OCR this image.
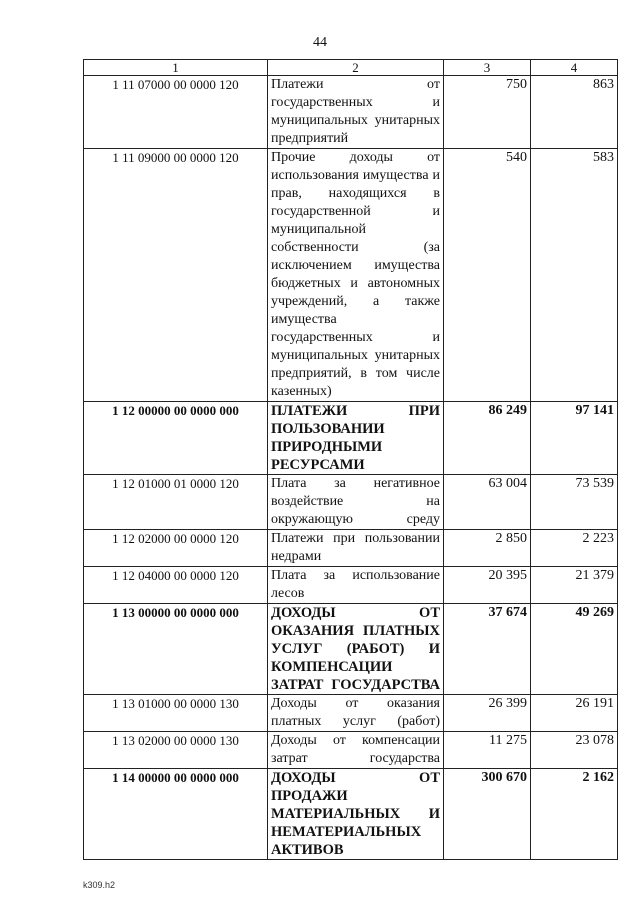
44
1	2	3	4
1 11 07000 00 0000 120	Платежи от государственных и муниципальных унитарных предприятий	750	863
1 11 09000 00 0000 120	Прочие доходы от использования имущества и прав, находящихся в государственной и муниципальной собственности (за исключением имущества бюджетных и автономных учреждений, а также имущества государственных и муниципальных унитарных предприятий, в том числе казенных)	540	583
1 12 00000 00 0000 000	ПЛАТЕЖИ ПРИ ПОЛЬЗОВАНИИ ПРИРОДНЫМИ РЕСУРСАМИ	86 249	97 141
1 12 01000 01 0000 120	Плата за негативное воздействие на окружающую среду	63 004	73 539
1 12 02000 00 0000 120	Платежи при пользовании недрами	2 850	2 223
1 12 04000 00 0000 120	Плата за использование лесов	20 395	21 379
1 13 00000 00 0000 000	ДОХОДЫ ОТ ОКАЗАНИЯ ПЛАТНЫХ УСЛУГ (РАБОТ) И КОМПЕНСАЦИИ ЗАТРАТ ГОСУДАРСТВА	37 674	49 269
1 13 01000 00 0000 130	Доходы от оказания платных услуг (работ)	26 399	26 191
1 13 02000 00 0000 130	Доходы от компенсации затрат государства	11 275	23 078
1 14 00000 00 0000 000	ДОХОДЫ ОТ ПРОДАЖИ МАТЕРИАЛЬНЫХ И НЕМАТЕРИАЛЬНЫХ АКТИВОВ	300 670	2 162
k309.h2
